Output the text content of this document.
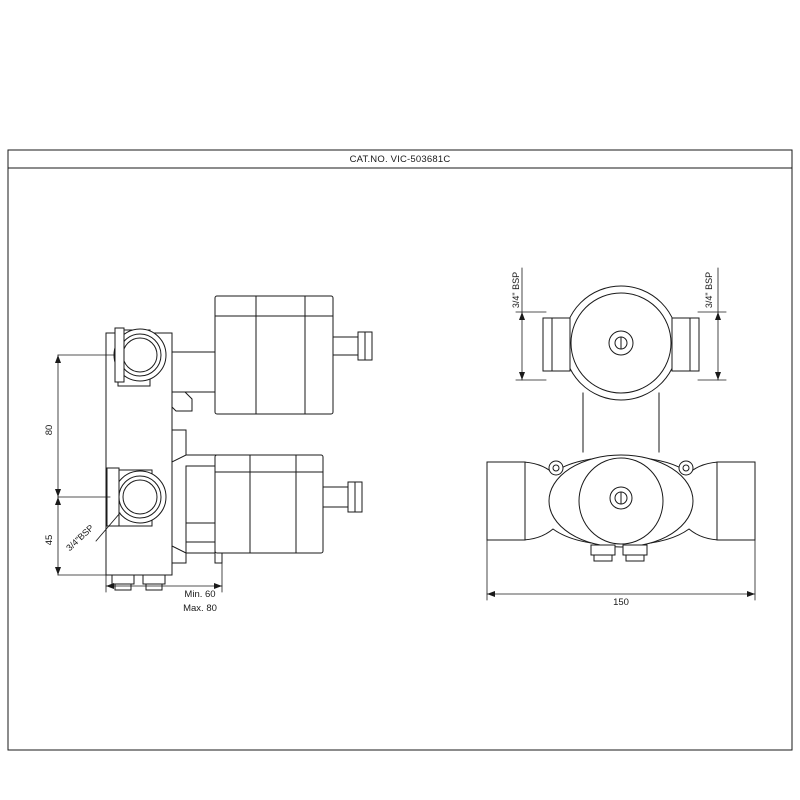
CAT.NO. VIC-503681C
80
45
Min. 60
Max. 80
3/4"BSP
150
3/4" BSP	3/4" BSP
